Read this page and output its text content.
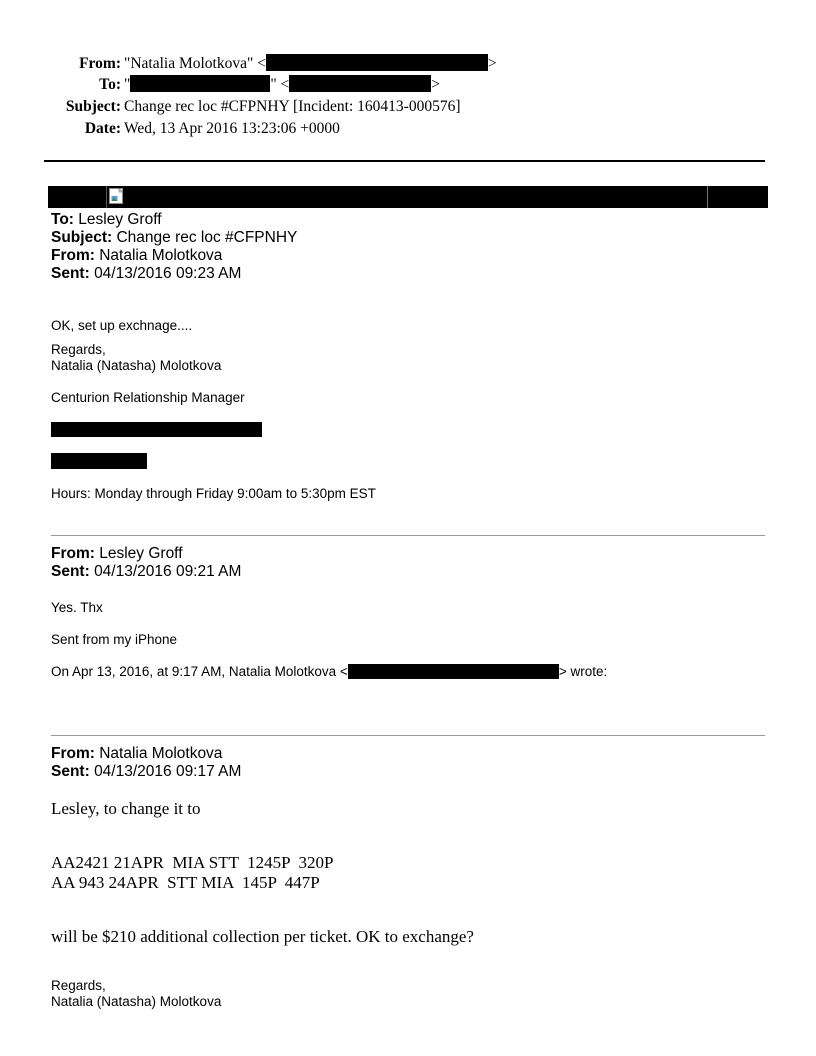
From: "Natalia Molotkova" <	>
To: "	" <	>
Subject: Change rec loc #CFPNHY [Incident: 160413-000576]
Date: Wed, 13 Apr 2016 13:23:06 +0000
To: Lesley Groff
Subject: Change rec loc #CFPNHY
From: Natalia Molotkova
Sent: 04/13/2016 09:23 AM
OK, set up exchnage....
Regards,
Natalia (Natasha) Molotkova
Centurion Relationship Manager
Hours: Monday through Friday 9:00am to 5:30pm EST
From: Lesley Groff
Sent: 04/13/2016 09:21 AM
Yes. Thx
Sent from my iPhone
On Apr 13, 2016, at 9:17 AM, Natalia Molotkova <	> wrote:
From: Natalia Molotkova
Sent: 04/13/2016 09:17 AM
Lesley, to change it to
AA2421 21APR  MIA STT  1245P  320P
AA 943 24APR  STT MIA  145P  447P
will be $210 additional collection per ticket. OK to exchange?
Regards,
Natalia (Natasha) Molotkova
